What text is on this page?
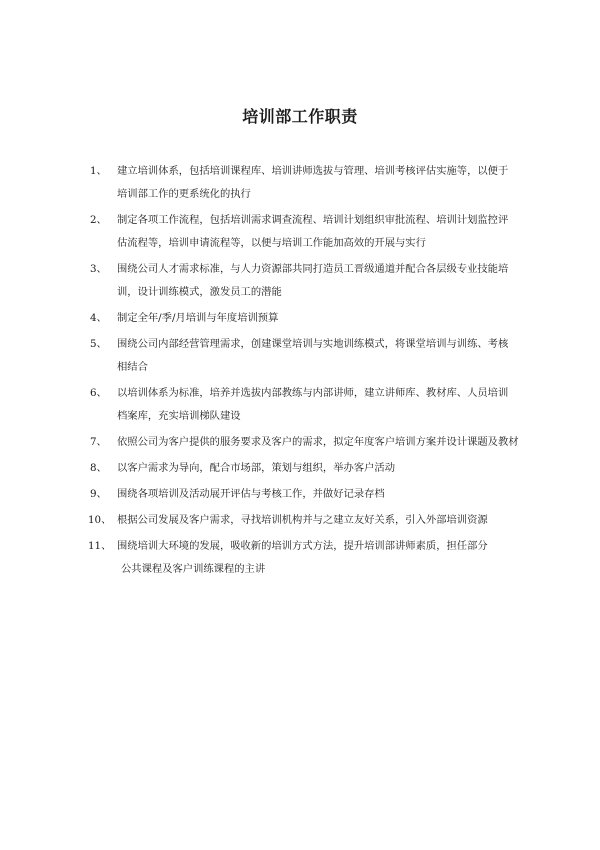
培训部工作职责
1、 建立培训体系，包括培训课程库、培训讲师选拔与管理、培训考核评估实施等，以便于
培训部工作的更系统化的执行
2、 制定各项工作流程，包括培训需求调查流程、培训计划组织审批流程、培训计划监控评
估流程等，培训申请流程等，以便与培训工作能加高效的开展与实行
3、 围绕公司人才需求标准，与人力资源部共同打造员工晋级通道并配合各层级专业技能培
训，设计训练模式，激发员工的潜能
4、 制定全年/季/月培训与年度培训预算
5、 围绕公司内部经营管理需求，创建课堂培训与实地训练模式，将课堂培训与训练、考核
相结合
6、 以培训体系为标准，培养并选拔内部教练与内部讲师，建立讲师库、教材库、人员培训
档案库，充实培训梯队建设
7、 依照公司为客户提供的服务要求及客户的需求，拟定年度客户培训方案并设计课题及教材
8、 以客户需求为导向，配合市场部，策划与组织，举办客户活动
9、 围绕各项培训及活动展开评估与考核工作，并做好记录存档
10、 根据公司发展及客户需求，寻找培训机构并与之建立友好关系，引入外部培训资源
11、 围绕培训大环境的发展，吸收新的培训方式方法，提升培训部讲师素质，担任部分
公共课程及客户训练课程的主讲
